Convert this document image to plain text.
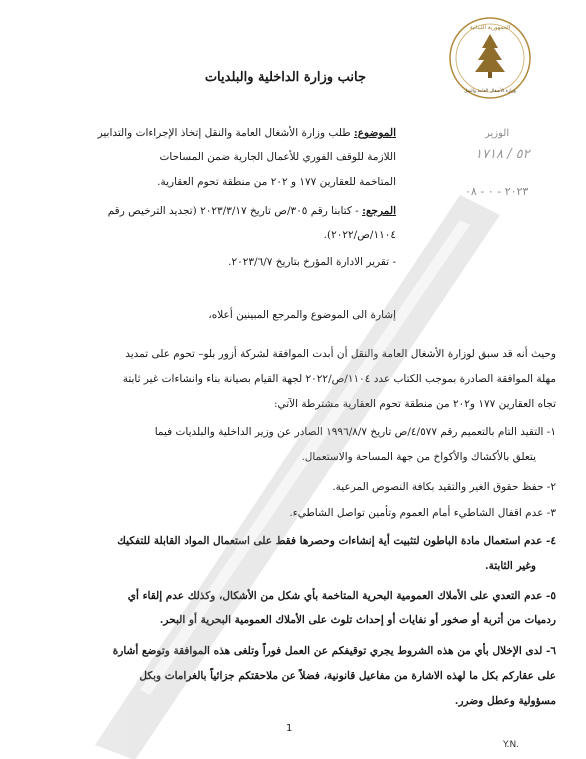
الجمهورية اللبنانية
وزارة الأشغال العامة والنقل
جانب وزارة الداخلية والبلديات
الوزير
٥٢ / ١٧١٨
٢٠٢٣ - ٠ - ٠٨
الموضوع: طلب وزارة الأشغال العامة والنقل إتخاذ الإجراءات والتدابير
اللازمة للوقف الفوري للأعمال الجارية ضمن المساحات
المتاخمة للعقارين ١٧٧ و ٢٠٢ من منطقة تحوم العقارية.
المرجع: - كتابنا رقم ٣٠٥/ص تاريخ ٢٠٢٣/٣/١٧ (تجديد الترخيص رقم
١١٠٤/ص/٢٠٢٢).
- تقرير الادارة المؤرخ بتاريخ ٢٠٢٣/٦/٧.
إشارة الى الموضوع والمرجع المبينين أعلاه،
وحيث أنه قد سبق لوزارة الأشغال العامة والنقل أن أبدت الموافقة لشركة أزور بلو– تحوم على تمديد
مهلة الموافقة الصادرة بموجب الكتاب عدد ١١٠٤/ص/٢٠٢٢ لجهة القيام بصيانة بناء وانشاءات غير ثابتة
تجاه العقارين ١٧٧ و٢٠٢ من منطقة تحوم العقارية مشترطة الآتي:
١- التقيد التام بالتعميم رقم ٤/٥٧٧/ص تاريخ ١٩٩٦/٨/٧ الصادر عن وزير الداخلية والبلديات فيما
يتعلق بالأكشاك والأكواخ من جهة المساحة والاستعمال.
٢- حفظ حقوق الغير والتقيد بكافة النصوص المرعية.
٣- عدم اقفال الشاطيء أمام العموم وتأمين تواصل الشاطيء.
٤- عدم استعمال مادة الباطون لتثبيت أية إنشاءات وحصرها فقط على استعمال المواد القابلة للتفكيك
وغير الثابتة.
٥- عدم التعدي على الأملاك العمومية البحرية المتاخمة بأي شكل من الأشكال، وكذلك عدم إلقاء أي
ردميات من أتربة أو صخور أو نفايات أو إحداث تلوث على الأملاك العمومية البحرية أو البحر.
٦- لدى الإخلال بأي من هذه الشروط يجري توقيفكم عن العمل فوراً وتلغى هذه الموافقة وتوضع أشارة
على عقاركم بكل ما لهذه الاشارة من مفاعيل قانونية، فضلاً عن ملاحقتكم جزائياً بالغرامات وبكل
مسؤولية وعطل وضرر.
1
Y.N.
